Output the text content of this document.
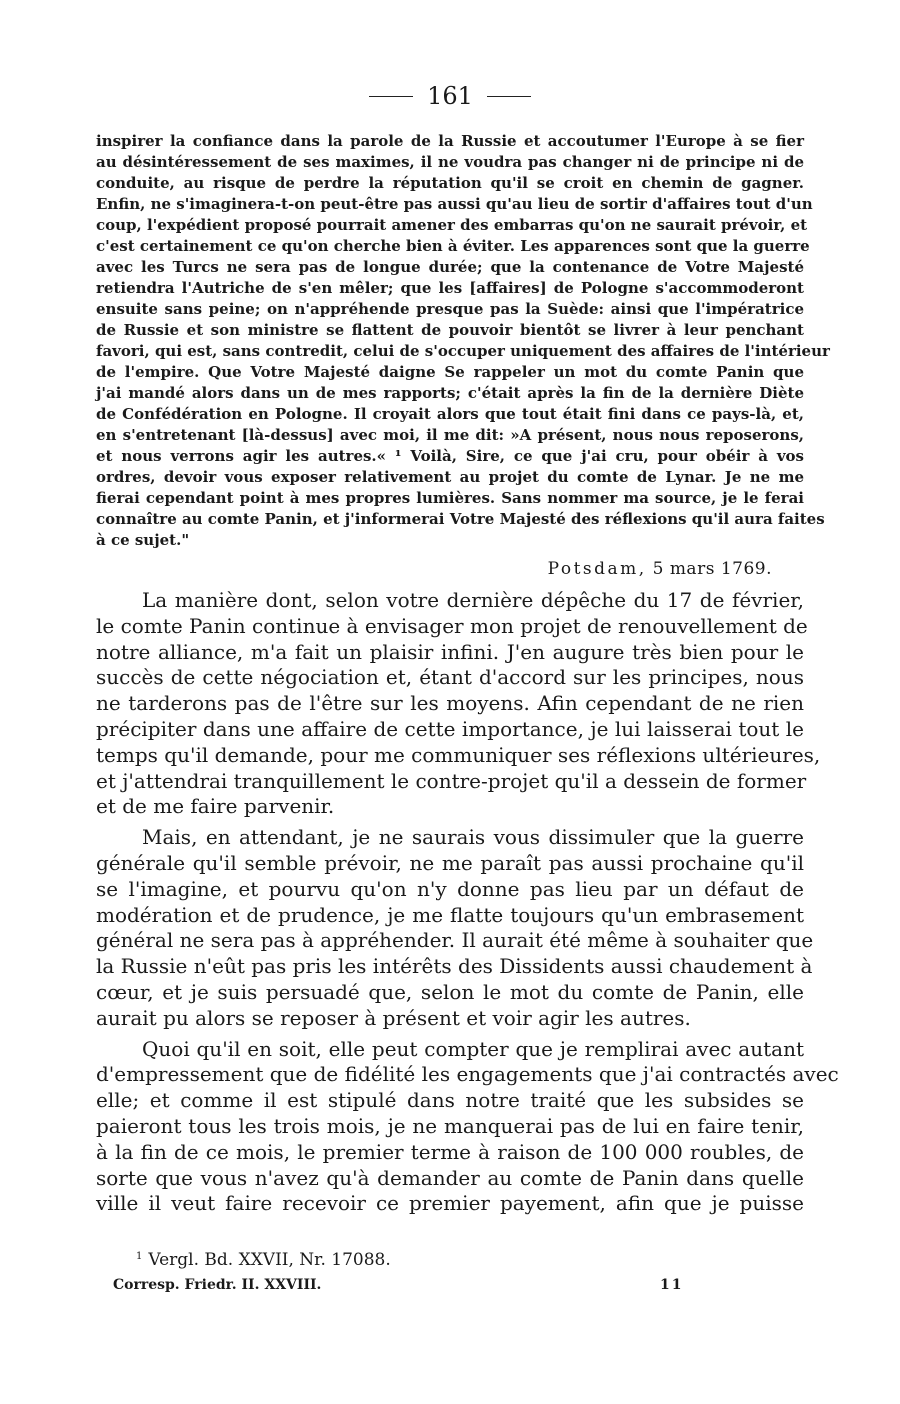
161
inspirer la confiance dans la parole de la Russie et accoutumer l'Europe à se fier
au désintéressement de ses maximes, il ne voudra pas changer ni de principe ni de
conduite, au risque de perdre la réputation qu'il se croit en chemin de gagner.
Enfin, ne s'imaginera-t-on peut-être pas aussi qu'au lieu de sortir d'affaires tout d'un
coup, l'expédient proposé pourrait amener des embarras qu'on ne saurait prévoir, et
c'est certainement ce qu'on cherche bien à éviter. Les apparences sont que la guerre
avec les Turcs ne sera pas de longue durée; que la contenance de Votre Majesté
retiendra l'Autriche de s'en mêler; que les [affaires] de Pologne s'accommoderont
ensuite sans peine; on n'appréhende presque pas la Suède: ainsi que l'impératrice
de Russie et son ministre se flattent de pouvoir bientôt se livrer à leur penchant
favori, qui est, sans contredit, celui de s'occuper uniquement des affaires de l'intérieur
de l'empire. Que Votre Majesté daigne Se rappeler un mot du comte Panin que
j'ai mandé alors dans un de mes rapports; c'était après la fin de la dernière Diète
de Confédération en Pologne. Il croyait alors que tout était fini dans ce pays-là, et,
en s'entretenant [là-dessus] avec moi, il me dit: »A présent, nous nous reposerons,
et nous verrons agir les autres.« ¹ Voilà, Sire, ce que j'ai cru, pour obéir à vos
ordres, devoir vous exposer relativement au projet du comte de Lynar. Je ne me
fierai cependant point à mes propres lumières. Sans nommer ma source, je le ferai
connaître au comte Panin, et j'informerai Votre Majesté des réflexions qu'il aura faites
à ce sujet."
Potsdam, 5 mars 1769.

La manière dont, selon votre dernière dépêche du 17 de février,
le comte Panin continue à envisager mon projet de renouvellement de
notre alliance, m'a fait un plaisir infini. J'en augure très bien pour le
succès de cette négociation et, étant d'accord sur les principes, nous
ne tarderons pas de l'être sur les moyens. Afin cependant de ne rien
précipiter dans une affaire de cette importance, je lui laisserai tout le
temps qu'il demande, pour me communiquer ses réflexions ultérieures,
et j'attendrai tranquillement le contre-projet qu'il a dessein de former
et de me faire parvenir.

Mais, en attendant, je ne saurais vous dissimuler que la guerre
générale qu'il semble prévoir, ne me paraît pas aussi prochaine qu'il
se l'imagine, et pourvu qu'on n'y donne pas lieu par un défaut de
modération et de prudence, je me flatte toujours qu'un embrasement
général ne sera pas à appréhender. Il aurait été même à souhaiter que
la Russie n'eût pas pris les intérêts des Dissidents aussi chaudement à
cœur, et je suis persuadé que, selon le mot du comte de Panin, elle
aurait pu alors se reposer à présent et voir agir les autres.

Quoi qu'il en soit, elle peut compter que je remplirai avec autant
d'empressement que de fidélité les engagements que j'ai contractés avec
elle; et comme il est stipulé dans notre traité que les subsides se
paieront tous les trois mois, je ne manquerai pas de lui en faire tenir,
à la fin de ce mois, le premier terme à raison de 100 000 roubles, de
sorte que vous n'avez qu'à demander au comte de Panin dans quelle
ville il veut faire recevoir ce premier payement, afin que je puisse

$^1$ Vergl. Bd. XXVII, Nr. 17088.
Corresp. Friedr. II. XXVIII.	11
